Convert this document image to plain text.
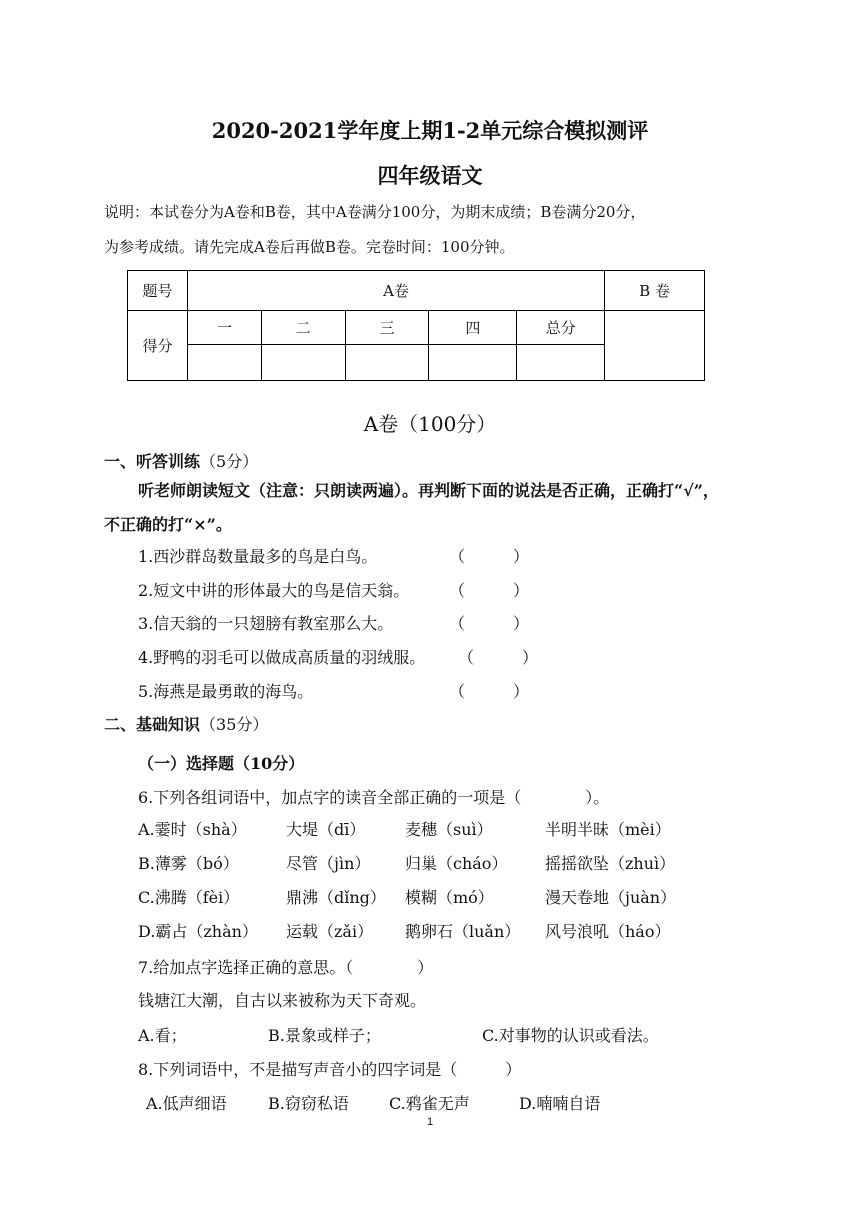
2020-2021学年度上期1-2单元综合模拟测评
四年级语文
说明：本试卷分为A卷和B卷，其中A卷满分100分，为期末成绩；B卷满分20分，
为参考成绩。请先完成A卷后再做B卷。完卷时间：100分钟。
题号	A卷					B 卷
得分	一	二	三	四	总分	

A卷（100分）
一、听答训练（5分）
听老师朗读短文（注意：只朗读两遍）。再判断下面的说法是否正确，正确打“√”，
不正确的打“×”。
1.西沙群岛数量最多的鸟是白鸟。	（　　　）
2.短文中讲的形体最大的鸟是信天翁。 （　　　）
3.信天翁的一只翅膀有教室那么大。	（　　　）
4.野鸭的羽毛可以做成高质量的羽绒服。 （　　　）
5.海燕是最勇敢的海鸟。	（　　　）
二、基础知识（35分）
（一）选择题（10分）
6.下列各组词语中，加点字的读音全部正确的一项是（　　　　）。
A.霎时（shà） 大堤（dī） 麦穗（suì）	半明半昧（mèi）
B.薄雾（bó）	尽管（jìn） 归巢（cháo） 摇摇欲坠（zhuì）
C.沸腾（fèi）	鼎沸（dǐng） 模糊（mó）	漫天卷地（juàn）
D.霸占（zhàn） 运载（zǎi） 鹅卵石（luǎn） 风号浪吼（háo）
7.给加点字选择正确的意思。（　　　　）
钱塘江大潮，自古以来被称为天下奇观。
A.看；	B.景象或样子；	C.对事物的认识或看法。
8.下列词语中，不是描写声音小的四字词是（　　　）
A.低声细语	B.窃窃私语	C.鸦雀无声	D.喃喃自语
1
